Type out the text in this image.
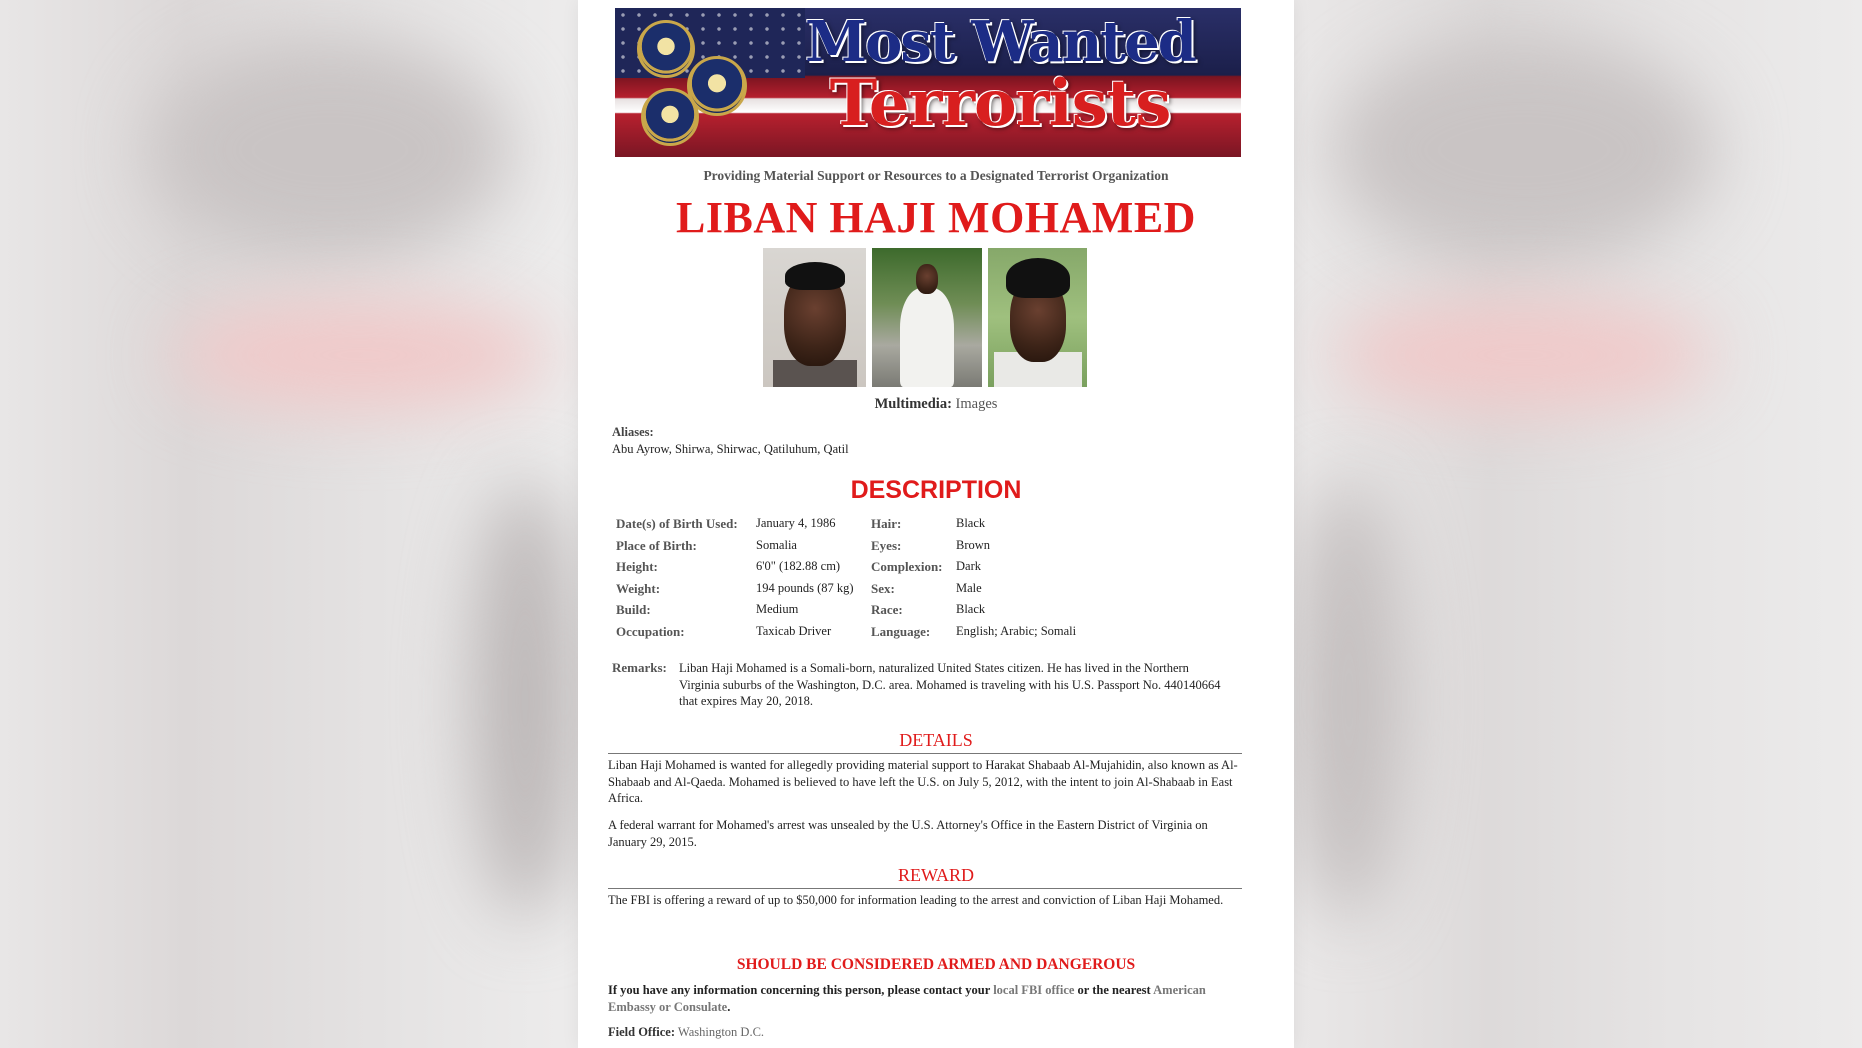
Most Wanted
Terrorists
Providing Material Support or Resources to a Designated Terrorist Organization
LIBAN HAJI MOHAMED
Multimedia: Images
Aliases:
Abu Ayrow, Shirwa, Shirwac, Qatiluhum, Qatil
DESCRIPTION
Date(s) of Birth Used:	January 4, 1986	Hair:	Black
Place of Birth:	Somalia	Eyes:	Brown
Height:	6'0" (182.88 cm)	Complexion:	Dark
Weight:	194 pounds (87 kg)	Sex:	Male
Build:	Medium	Race:	Black
Occupation:	Taxicab Driver	Language:	English; Arabic; Somali
Remarks: Liban Haji Mohamed is a Somali-born, naturalized United States citizen. He has lived in the Northern Virginia suburbs of the Washington, D.C. area. Mohamed is traveling with his U.S. Passport No. 440140664 that expires May 20, 2018.
DETAILS
Liban Haji Mohamed is wanted for allegedly providing material support to Harakat Shabaab Al-Mujahidin, also known as Al-Shabaab and Al-Qaeda. Mohamed is believed to have left the U.S. on July 5, 2012, with the intent to join Al-Shabaab in East Africa.
A federal warrant for Mohamed's arrest was unsealed by the U.S. Attorney's Office in the Eastern District of Virginia on January 29, 2015.
REWARD
The FBI is offering a reward of up to $50,000 for information leading to the arrest and conviction of Liban Haji Mohamed.
SHOULD BE CONSIDERED ARMED AND DANGEROUS
If you have any information concerning this person, please contact your local FBI office or the nearest American Embassy or Consulate.
Field Office: Washington D.C.
